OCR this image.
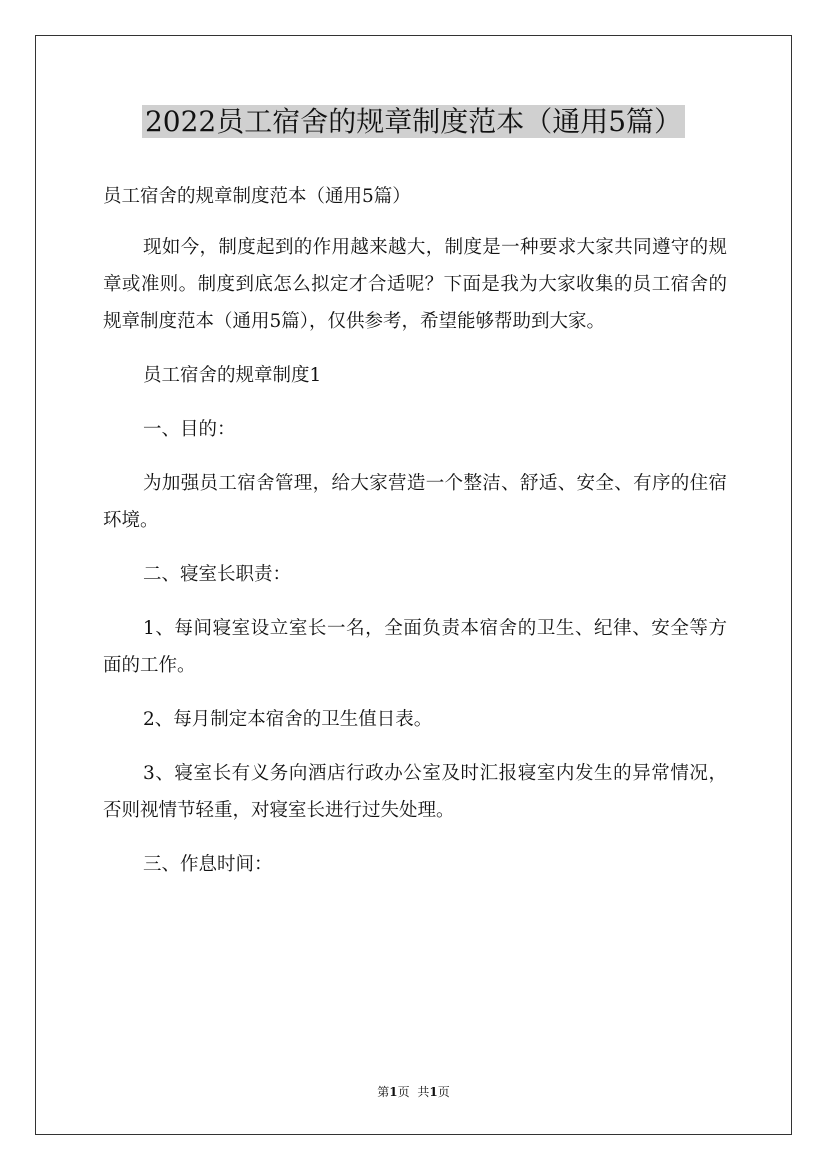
2022员工宿舍的规章制度范本（通用5篇）

员工宿舍的规章制度范本（通用5篇）

现如今，制度起到的作用越来越大，制度是一种要求大家共同遵守的规章或准则。制度到底怎么拟定才合适呢？下面是我为大家收集的员工宿舍的规章制度范本（通用5篇），仅供参考，希望能够帮助到大家。

员工宿舍的规章制度1

一、目的：

为加强员工宿舍管理，给大家营造一个整洁、舒适、安全、有序的住宿环境。

二、寝室长职责：

1、每间寝室设立室长一名，全面负责本宿舍的卫生、纪律、安全等方面的工作。

2、每月制定本宿舍的卫生值日表。

3、寝室长有义务向酒店行政办公室及时汇报寝室内发生的异常情况，否则视情节轻重，对寝室长进行过失处理。

三、作息时间：

第1页 共1页
